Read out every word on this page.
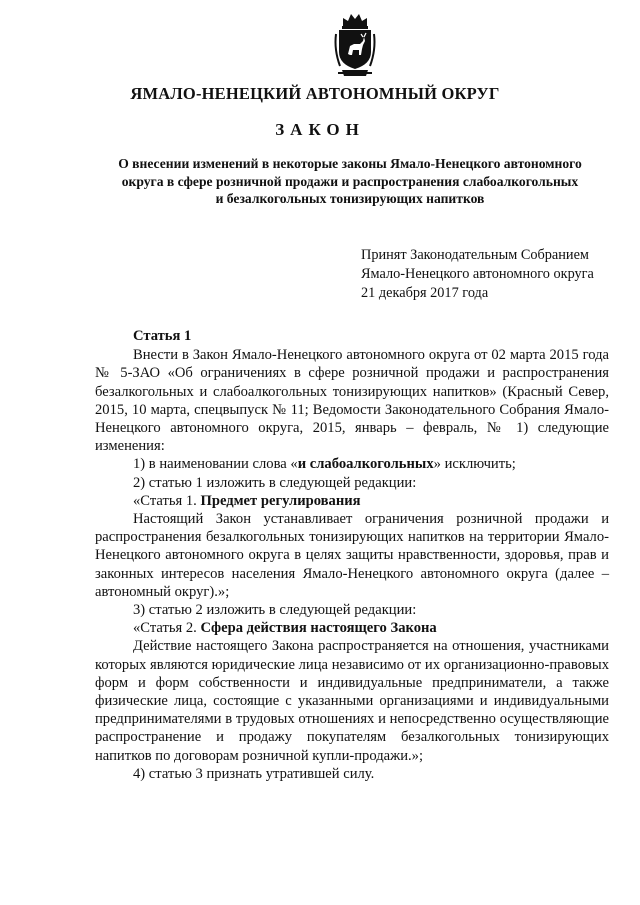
ЯМАЛО-НЕНЕЦКИЙ АВТОНОМНЫЙ ОКРУГ
ЗАКОН
О внесении изменений в некоторые законы Ямало-Ненецкого автономного
округа в сфере розничной продажи и распространения слабоалкогольных
и безалкогольных тонизирующих напитков
Принят Законодательным Собранием
Ямало-Ненецкого автономного округа
21 декабря 2017 года
Статья 1

Внести в Закон Ямало-Ненецкого автономного округа от 02 марта 2015 года № 5-ЗАО «Об ограничениях в сфере розничной продажи и распространения безалкогольных и слабоалкогольных тонизирующих напитков» (Красный Север, 2015, 10 марта, спецвыпуск № 11; Ведомости Законодательного Собрания Ямало-Ненецкого автономного округа, 2015, январь – февраль, № 1) следующие изменения:

1) в наименовании слова «и слабоалкогольных» исключить;

2) статью 1 изложить в следующей редакции:

«Статья 1. Предмет регулирования

Настоящий Закон устанавливает ограничения розничной продажи и распространения безалкогольных тонизирующих напитков на территории Ямало-Ненецкого автономного округа в целях защиты нравственности, здоровья, прав и законных интересов населения Ямало-Ненецкого автономного округа (далее – автономный округ).»;

3) статью 2 изложить в следующей редакции:

«Статья 2. Сфера действия настоящего Закона

Действие настоящего Закона распространяется на отношения, участниками которых являются юридические лица независимо от их организационно-правовых форм и форм собственности и индивидуальные предприниматели, а также физические лица, состоящие с указанными организациями и индивидуальными предпринимателями в трудовых отношениях и непосредственно осуществляющие распространение и продажу покупателям безалкогольных тонизирующих напитков по договорам розничной купли-продажи.»;

4) статью 3 признать утратившей силу.
